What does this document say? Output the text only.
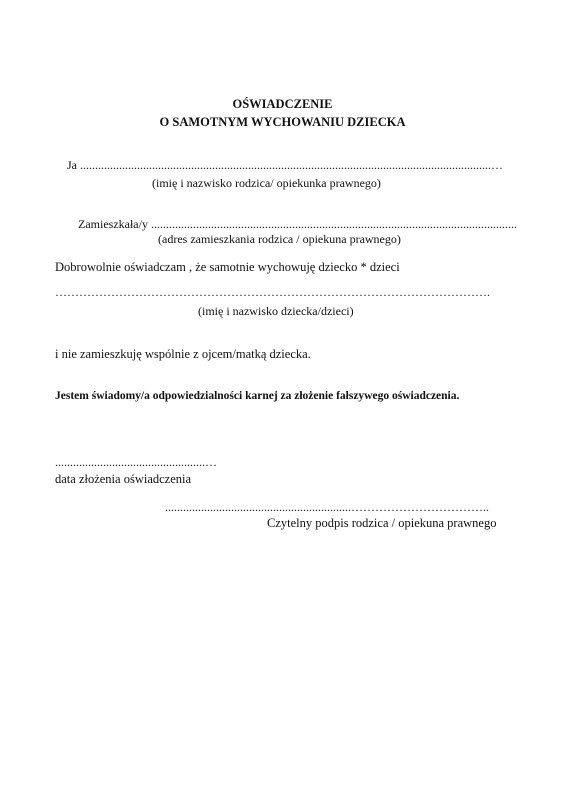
OŚWIADCZENIE
O SAMOTNYM WYCHOWANIU DZIECKA
Ja .........................................................................................................................................…
(imię i nazwisko rodzica/ opiekunka prawnego)
Zamieszkała/y ..........................................................................................................................
(adres zamieszkania rodzica / opiekuna prawnego)
Dobrowolnie oświadczam , że samotnie wychowuję dziecko * dzieci
……………………………………………………………………………………………….
(imię i nazwisko dziecka/dzieci)
i nie zamieszkuję wspólnie z ojcem/matką dziecka.
Jestem świadomy/a odpowiedzialności karnej za złożenie fałszywego oświadczenia.
..................................................…
data złożenia oświadczenia
..............................................................……………………………..
Czytelny podpis rodzica / opiekuna prawnego
